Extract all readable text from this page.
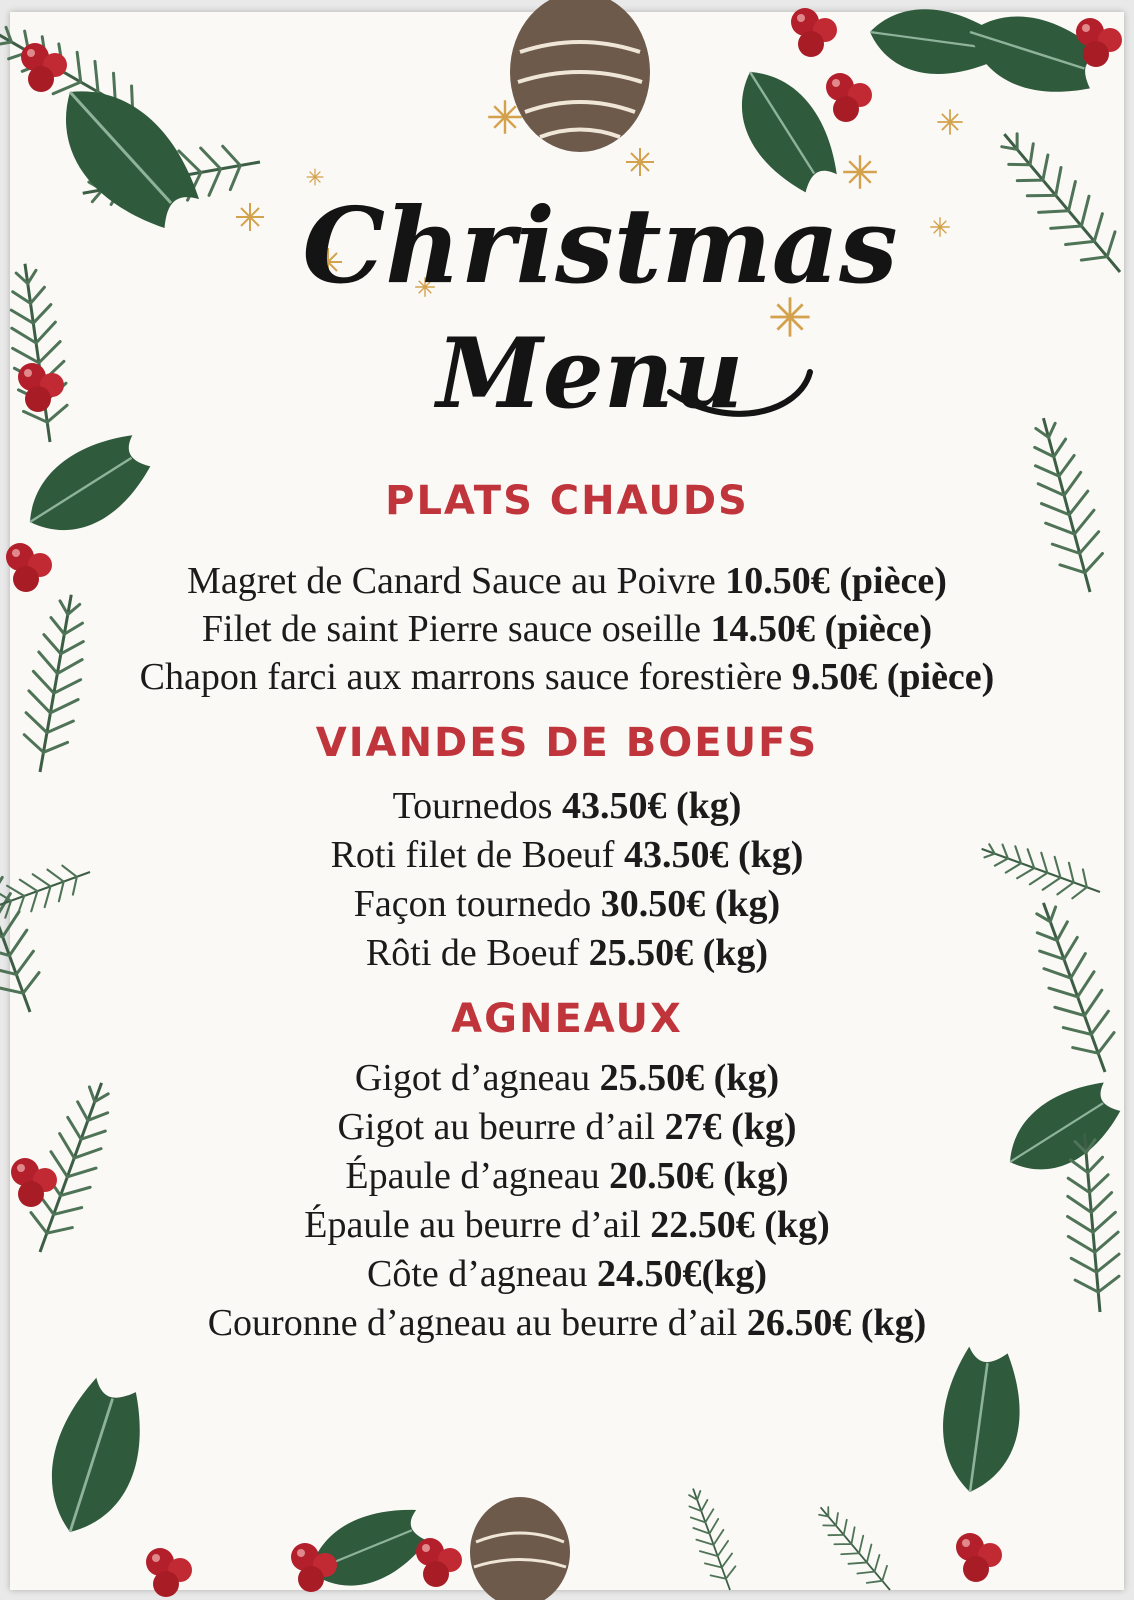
Christmas
Menu
PLATS CHAUDS
Magret de Canard Sauce au Poivre 10.50€ (pièce)
Filet de saint Pierre sauce oseille 14.50€ (pièce)
Chapon farci aux marrons sauce forestière 9.50€ (pièce)
VIANDES DE BOEUFS
Tournedos 43.50€ (kg)
Roti filet de Boeuf 43.50€ (kg)
Façon tournedo 30.50€ (kg)
Rôti de Boeuf 25.50€ (kg)
AGNEAUX
Gigot d’agneau 25.50€ (kg)
Gigot au beurre d’ail 27€ (kg)
Épaule d’agneau 20.50€ (kg)
Épaule au beurre d’ail 22.50€ (kg)
Côte d’agneau 24.50€(kg)
Couronne d’agneau au beurre d’ail 26.50€ (kg)
